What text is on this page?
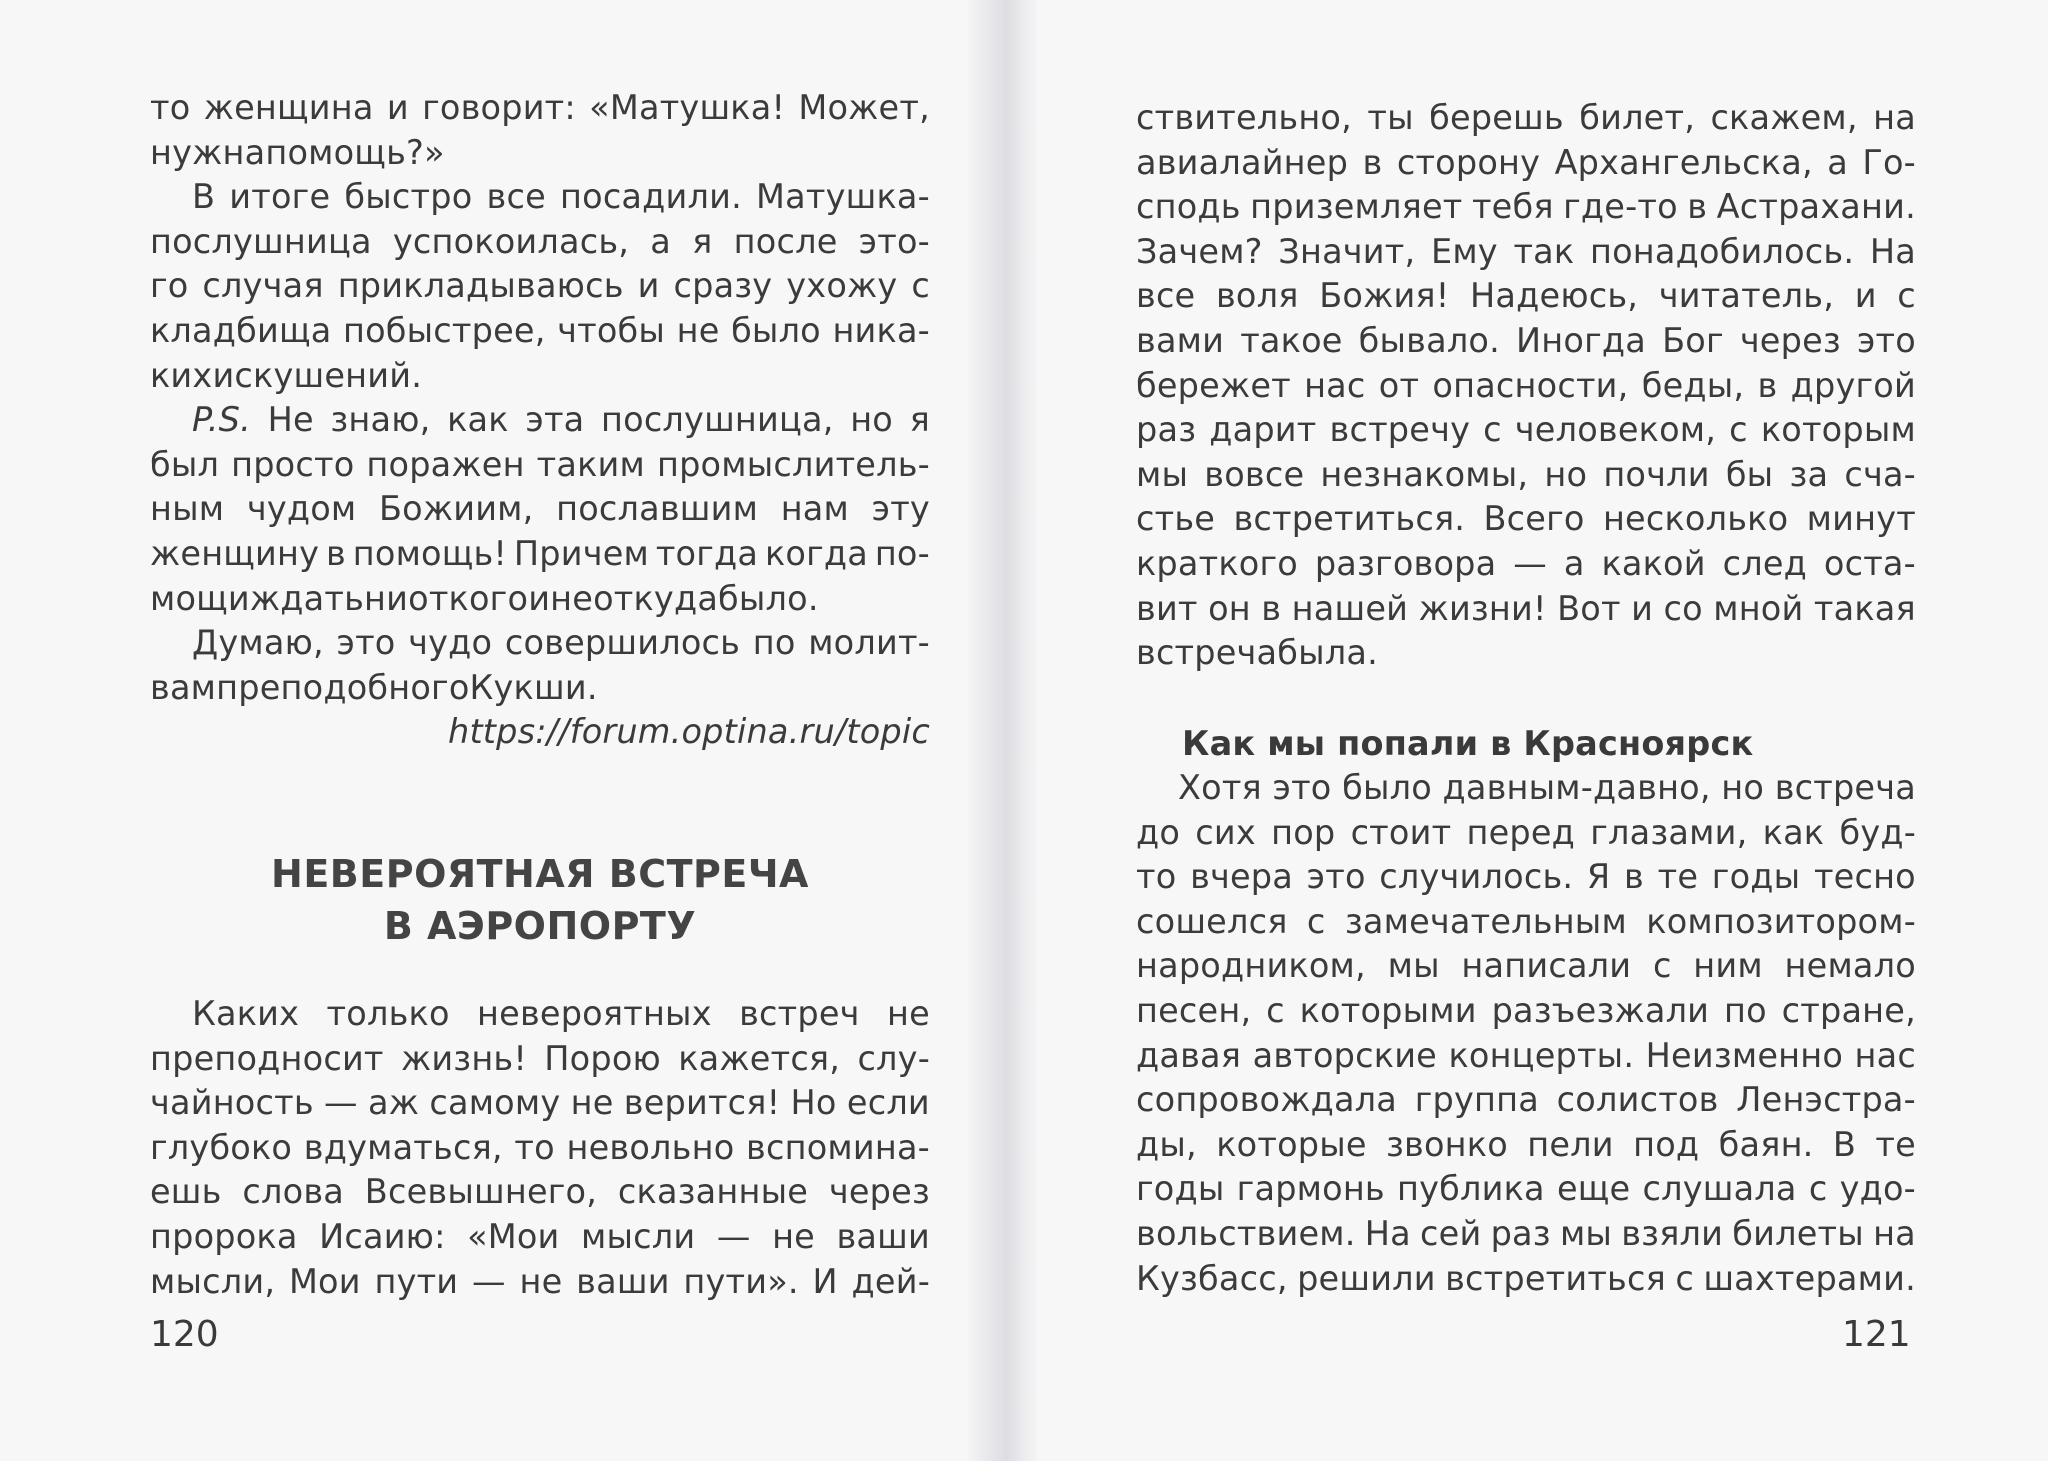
то женщина и говорит: «Матушка! Может,
нужна помощь?»
В итоге быстро все посадили. Матушка-
послушница успокоилась, а я после это-
го случая прикладываюсь и сразу ухожу с
кладбища побыстрее, чтобы не было ника-
ких искушений.
P.S. Не знаю, как эта послушница, но я
был просто поражен таким промыслитель-
ным чудом Божиим, пославшим нам эту
женщину в помощь! Причем тогда когда по-
мощи ждать ни от кого и неоткуда было.
Думаю, это чудо совершилось по молит-
вам преподобного Кукши.
https://forum.optina.ru/topic
НЕВЕРОЯТНАЯ ВСТРЕЧА
В АЭРОПОРТУ
Каких только невероятных встреч не
преподносит жизнь! Порою кажется, слу-
чайность — аж самому не верится! Но если
глубоко вдуматься, то невольно вспомина-
ешь слова Всевышнего, сказанные через
пророка Исаию: «Мои мысли — не ваши
мысли, Мои пути — не ваши пути». И дей-
120
ствительно, ты берешь билет, скажем, на
авиалайнер в сторону Архангельска, а Го-
сподь приземляет тебя где-то в Астрахани.
Зачем? Значит, Ему так понадобилось. На
все воля Божия! Надеюсь, читатель, и с
вами такое бывало. Иногда Бог через это
бережет нас от опасности, беды, в другой
раз дарит встречу с человеком, с которым
мы вовсе незнакомы, но почли бы за сча-
стье встретиться. Всего несколько минут
краткого разговора — а какой след оста-
вит он в нашей жизни! Вот и со мной такая
встреча была.
Как мы попали в Красноярск
Хотя это было давным-давно, но встреча
до сих пор стоит перед глазами, как буд-
то вчера это случилось. Я в те годы тесно
сошелся с замечательным композитором-
народником, мы написали с ним немало
песен, с которыми разъезжали по стране,
давая авторские концерты. Неизменно нас
сопровождала группа солистов Ленэстра-
ды, которые звонко пели под баян. В те
годы гармонь публика еще слушала с удо-
вольствием. На сей раз мы взяли билеты на
Кузбасс, решили встретиться с шахтерами.
121
